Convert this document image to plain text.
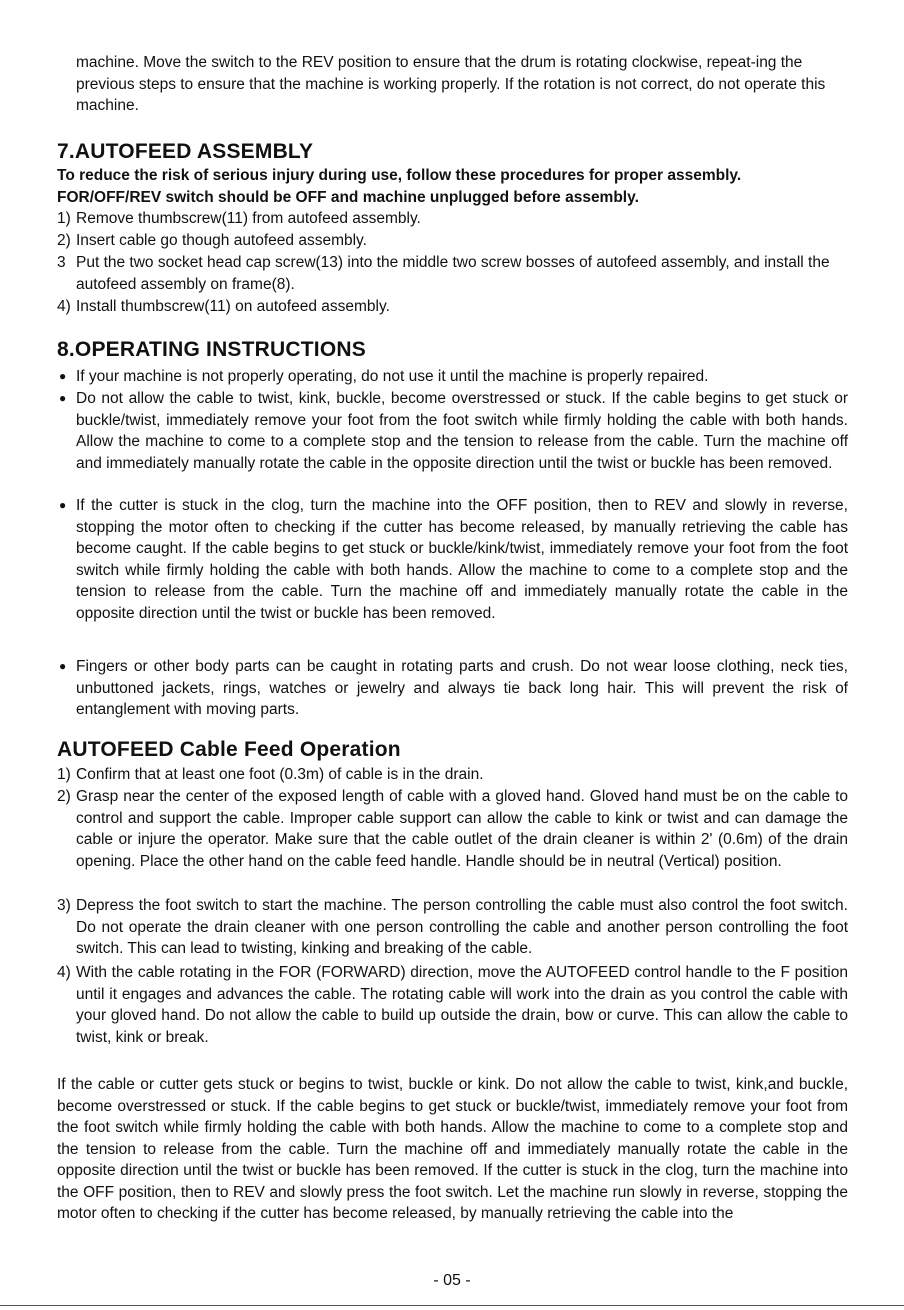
machine. Move the switch to the REV position to ensure that the drum is rotating clockwise, repeat-ing the previous steps to ensure that the machine is working properly. If the rotation is not correct, do not operate this machine.

7.AUTOFEED ASSEMBLY

To reduce the risk of serious injury during use, follow these procedures for proper assembly. FOR/OFF/REV switch should be OFF and machine unplugged before assembly.

1) Remove thumbscrew(11) from autofeed assembly.
2) Insert cable go though autofeed assembly.
3 Put the two socket head cap screw(13) into the middle two screw bosses of autofeed assembly, and install the autofeed assembly on frame(8).
4) Install thumbscrew(11) on autofeed assembly.
8.OPERATING INSTRUCTIONS
● If your machine is not properly operating, do not use it until the machine is properly repaired.
● Do not allow the cable to twist, kink, buckle, become overstressed or stuck. If the cable begins to get stuck or buckle/twist, immediately remove your foot from the foot switch while firmly holding the cable with both hands. Allow the machine to come to a complete stop and the tension to release from the cable. Turn the machine off and immediately manually rotate the cable in the opposite direction until the twist or buckle has been removed.
● If the cutter is stuck in the clog, turn the machine into the OFF position, then to REV and slowly in reverse, stopping the motor often to checking if the cutter has become released, by manually retrieving the cable has become caught. If the cable begins to get stuck or buckle/kink/twist, immediately remove your foot from the foot switch while firmly holding the cable with both hands. Allow the machine to come to a complete stop and the tension to release from the cable. Turn the machine off and immediately manually rotate the cable in the opposite direction until the twist or buckle has been removed.
● Fingers or other body parts can be caught in rotating parts and crush. Do not wear loose clothing, neck ties, unbuttoned jackets, rings, watches or jewelry and always tie back long hair. This will prevent the risk of entanglement with moving parts.
AUTOFEED Cable Feed Operation
1) Confirm that at least one foot (0.3m) of cable is in the drain.
2) Grasp near the center of the exposed length of cable with a gloved hand. Gloved hand must be on the cable to control and support the cable. Improper cable support can allow the cable to kink or twist and can damage the cable or injure the operator. Make sure that the cable outlet of the drain cleaner is within 2' (0.6m) of the drain opening. Place the other hand on the cable feed handle. Handle should be in neutral (Vertical) position.
3) Depress the foot switch to start the machine. The person controlling the cable must also control the foot switch. Do not operate the drain cleaner with one person controlling the cable and another person controlling the foot switch. This can lead to twisting, kinking and breaking of the cable.
4) With the cable rotating in the FOR (FORWARD) direction, move the AUTOFEED control handle to the F position until it engages and advances the cable. The rotating cable will work into the drain as you control the cable with your gloved hand. Do not allow the cable to build up outside the drain, bow or curve. This can allow the cable to twist, kink or break.

If the cable or cutter gets stuck or begins to twist, buckle or kink. Do not allow the cable to twist, kink,and buckle, become overstressed or stuck. If the cable begins to get stuck or buckle/twist, immediately remove your foot from the foot switch while firmly holding the cable with both hands. Allow the machine to come to a complete stop and the tension to release from the cable. Turn the machine off and immediately manually rotate the cable in the opposite direction until the twist or buckle has been removed. If the cutter is stuck in the clog, turn the machine into the OFF position, then to REV and slowly press the foot switch. Let the machine run slowly in reverse, stopping the motor often to checking if the cutter has become released, by manually retrieving the cable into the

- 05 -
